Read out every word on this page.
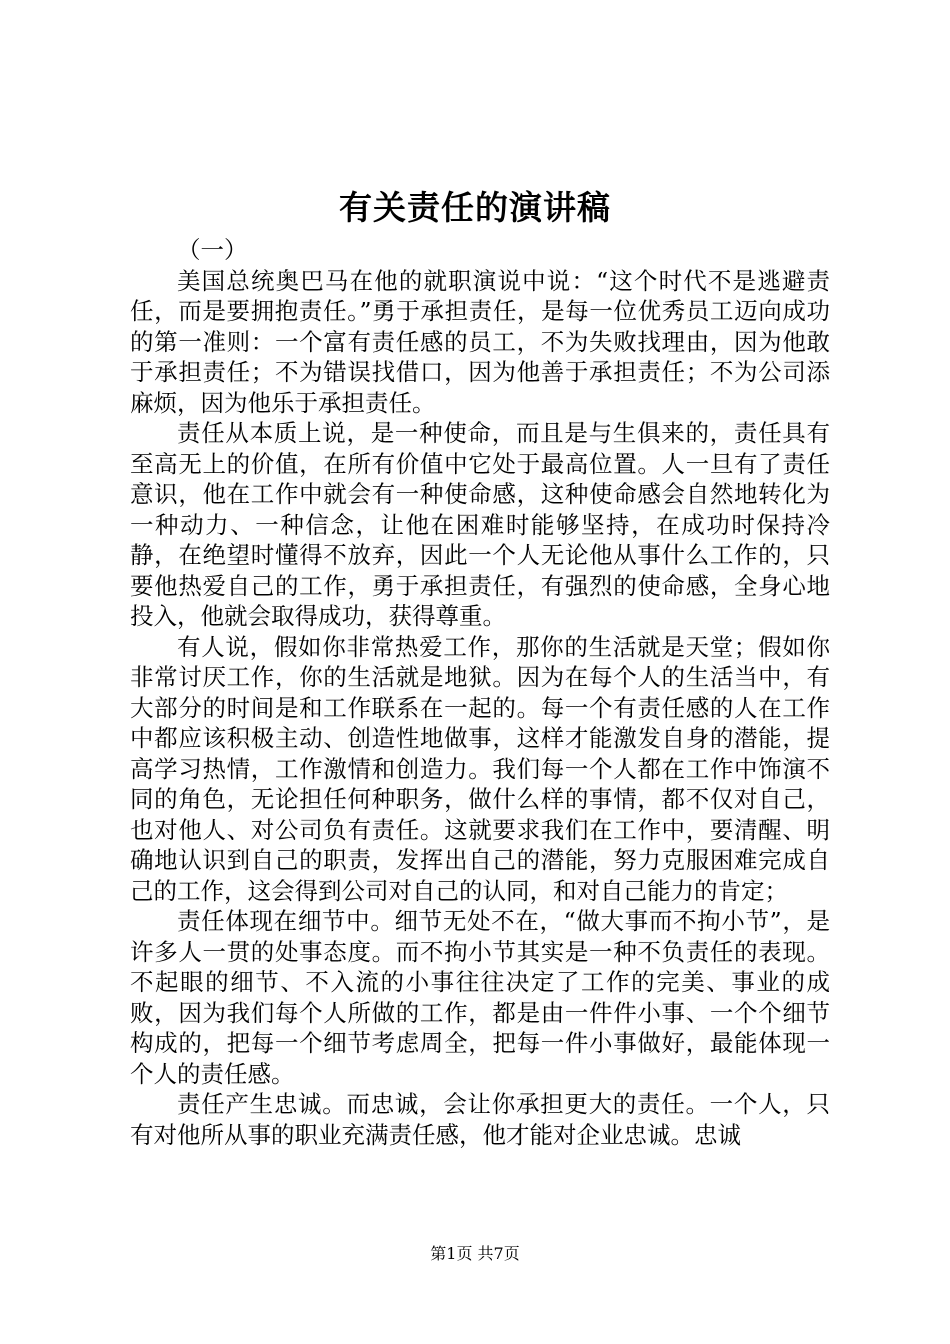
有关责任的演讲稿

（一）

美国总统奥巴马在他的就职演说中说：“这个时代不是逃避责任，而是要拥抱责任。”勇于承担责任，是每一位优秀员工迈向成功的第一准则：一个富有责任感的员工，不为失败找理由，因为他敢于承担责任；不为错误找借口，因为他善于承担责任；不为公司添麻烦，因为他乐于承担责任。

责任从本质上说，是一种使命，而且是与生俱来的，责任具有至高无上的价值，在所有价值中它处于最高位置。人一旦有了责任意识，他在工作中就会有一种使命感，这种使命感会自然地转化为一种动力、一种信念，让他在困难时能够坚持，在成功时保持冷静，在绝望时懂得不放弃，因此一个人无论他从事什么工作的，只要他热爱自己的工作，勇于承担责任，有强烈的使命感，全身心地投入，他就会取得成功，获得尊重。

有人说，假如你非常热爱工作，那你的生活就是天堂；假如你非常讨厌工作，你的生活就是地狱。因为在每个人的生活当中，有大部分的时间是和工作联系在一起的。每一个有责任感的人在工作中都应该积极主动、创造性地做事，这样才能激发自身的潜能，提高学习热情，工作激情和创造力。我们每一个人都在工作中饰演不同的角色，无论担任何种职务，做什么样的事情，都不仅对自己，也对他人、对公司负有责任。这就要求我们在工作中，要清醒、明确地认识到自己的职责，发挥出自己的潜能，努力克服困难完成自己的工作，这会得到公司对自己的认同，和对自己能力的肯定；

责任体现在细节中。细节无处不在，“做大事而不拘小节”，是许多人一贯的处事态度。而不拘小节其实是一种不负责任的表现。不起眼的细节、不入流的小事往往决定了工作的完美、事业的成败，因为我们每个人所做的工作，都是由一件件小事、一个个细节构成的，把每一个细节考虑周全，把每一件小事做好，最能体现一个人的责任感。

责任产生忠诚。而忠诚，会让你承担更大的责任。一个人，只有对他所从事的职业充满责任感，他才能对企业忠诚。忠诚

第1页 共7页
